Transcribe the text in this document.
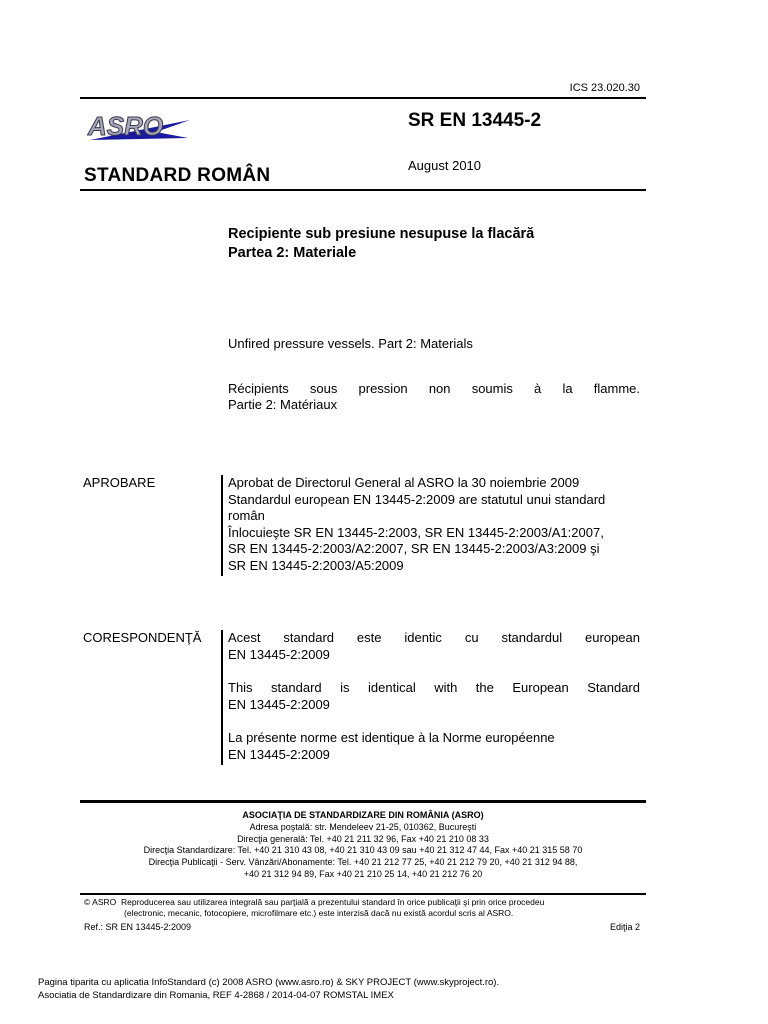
ICS 23.020.30
ASRO	SR EN 13445-2
August 2010
STANDARD ROMÂN
Recipiente sub presiune nesupuse la flacără
Partea 2: Materiale
Unfired pressure vessels. Part 2: Materials
Récipients sous pression non soumis à la flamme.
Partie 2: Matériaux
APROBARE	Aprobat de Directorul General al ASRO la 30 noiembrie 2009
Standardul european EN 13445-2:2009 are statutul unui standard
român
Înlocuieşte SR EN 13445-2:2003, SR EN 13445-2:2003/A1:2007,
SR EN 13445-2:2003/A2:2007, SR EN 13445-2:2003/A3:2009 şi
SR EN 13445-2:2003/A5:2009
CORESPONDENŢĂ Acest standard este identic cu standardul european
EN 13445-2:2009
This standard is identical with the European Standard
EN 13445-2:2009
La présente norme est identique à la Norme européenne
EN 13445-2:2009
ASOCIAŢIA DE STANDARDIZARE DIN ROMÂNIA (ASRO)
Adresa poştală: str. Mendeleev 21-25, 010362, Bucureşti
Direcţia generală: Tel. +40 21 211 32 96, Fax +40 21 210 08 33
Direcţia Standardizare: Tel. +40 21 310 43 08, +40 21 310 43 09 sau +40 21 312 47 44, Fax +40 21 315 58 70
Direcţia Publicaţii - Serv. Vânzări/Abonamente: Tel. +40 21 212 77 25, +40 21 212 79 20, +40 21 312 94 88,
+40 21 312 94 89, Fax +40 21 210 25 14, +40 21 212 76 20
© ASRO Reproducerea sau utilizarea integrală sau parţială a prezentului standard în orice publicaţii şi prin orice procedeu
(electronic, mecanic, fotocopiere, microfilmare etc.) este interzisă dacă nu există acordul scris al ASRO.
Ref.: SR EN 13445-2:2009	Ediţia 2
Pagina tiparita cu aplicatia InfoStandard (c) 2008 ASRO (www.asro.ro) & SKY PROJECT (www.skyproject.ro).
Asociatia de Standardizare din Romania, REF 4-2868 / 2014-04-07 ROMSTAL IMEX
